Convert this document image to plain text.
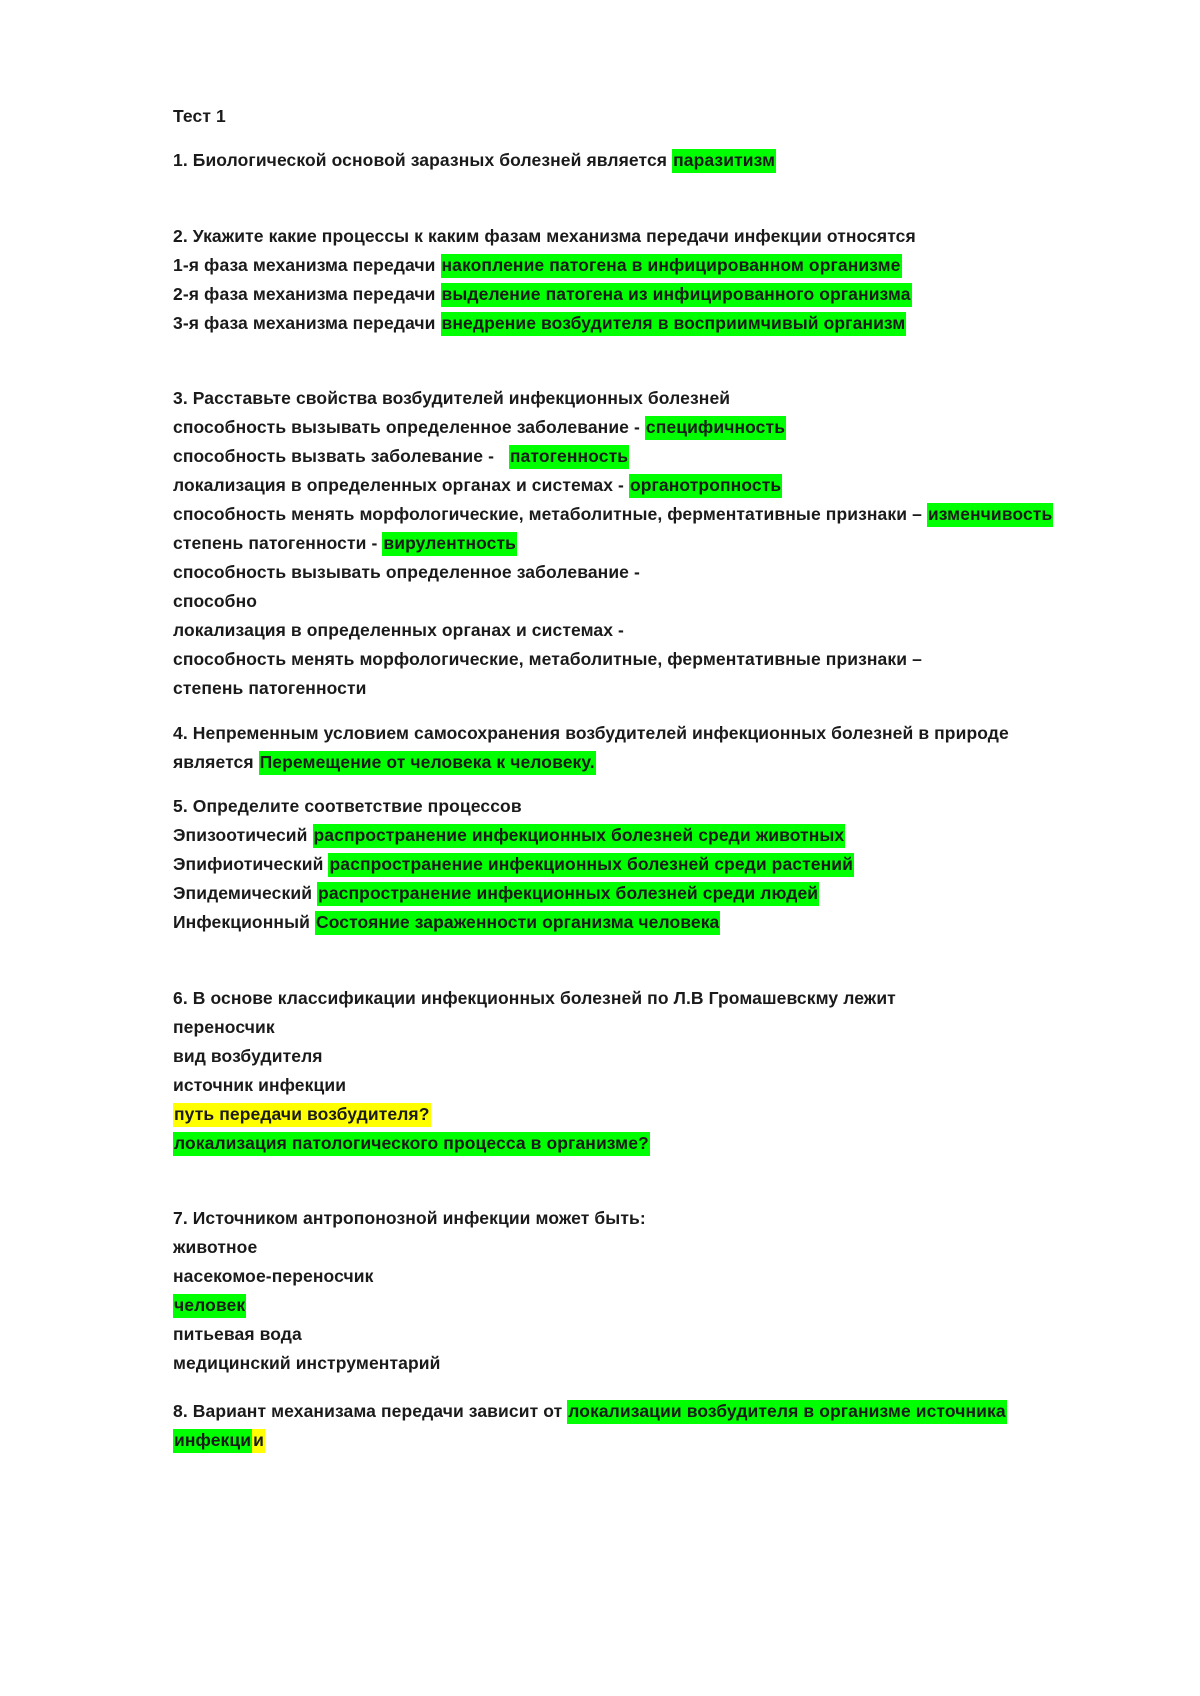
Тест 1
1. Биологической основой заразных болезней является паразитизм
2. Укажите какие процессы к каким фазам механизма передачи инфекции относятся
1-я фаза механизма передачи накопление патогена в инфицированном организме
2-я фаза механизма передачи выделение патогена из инфицированного организма
3-я фаза механизма передачи внедрение возбудителя в восприимчивый организм
3. Расставьте свойства возбудителей инфекционных болезней
способность вызывать определенное заболевание - специфичность
способность вызвать заболевание - патогенность
локализация в определенных органах и системах - органотропность
способность менять морфологические, метаболитные, ферментативные признаки – изменчивость
степень патогенности - вирулентность
способность вызывать определенное заболевание -
способно
локализация в определенных органах и системах -
способность менять морфологические, метаболитные, ферментативные признаки –
степень патогенности
4. Непременным условием самосохранения возбудителей инфекционных болезней в природе
является Перемещение от человека к человеку.
5. Определите соответствие процессов
Эпизоотичесий распространение инфекционных болезней среди животных
Эпифиотический распространение инфекционных болезней среди растений
Эпидемический распространение инфекционных болезней среди людей
Инфекционный Состояние зараженности организма человека
6. В основе классификации инфекционных болезней по Л.В Громашевскму лежит
переносчик
вид возбудителя
источник инфекции
путь передачи возбудителя?
локализация патологического процесса в организме?
7. Источником антропонозной инфекции может быть:
животное
насекомое-переносчик
человек
питьевая вода
медицинский инструментарий
8. Вариант механизама передачи зависит от локализации возбудителя в организме источника
инфекци и
